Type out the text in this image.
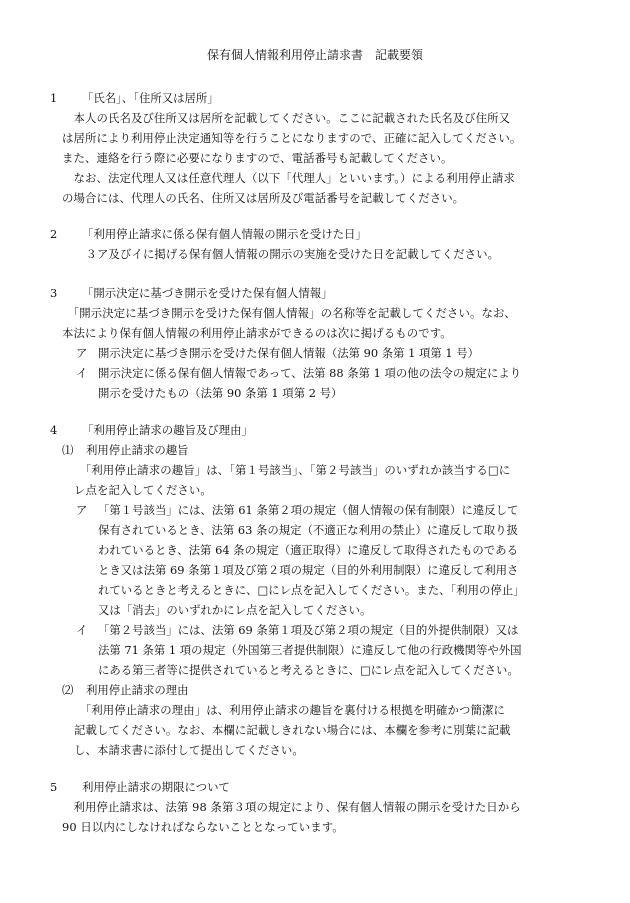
保有個人情報利用停止請求書　記載要領
1 「氏名」、「住所又は居所」
　本人の氏名及び住所又は居所を記載してください。ここに記載された氏名及び住所又
は居所により利用停止決定通知等を行うことになりますので、正確に記入してください。
また、連絡を行う際に必要になりますので、電話番号も記載してください。
　なお、法定代理人又は任意代理人（以下「代理人」といいます。）による利用停止請求
の場合には、代理人の氏名、住所又は居所及び電話番号を記載してください。
2 「利用停止請求に係る保有個人情報の開示を受けた日」
　３ア及びイに掲げる保有個人情報の開示の実施を受けた日を記載してください。
3 「開示決定に基づき開示を受けた保有個人情報」
　「開示決定に基づき開示を受けた保有個人情報」の名称等を記載してください。なお、
本法により保有個人情報の利用停止請求ができるのは次に掲げるものです。
ア 開示決定に基づき開示を受けた保有個人情報（法第 90 条第 1 項第 1 号）
イ 開示決定に係る保有個人情報であって、法第 88 条第 1 項の他の法令の規定により
開示を受けたもの（法第 90 条第 1 項第 2 号）
4 「利用停止請求の趣旨及び理由」
⑴ 利用停止請求の趣旨
　「利用停止請求の趣旨」は、「第１号該当」、「第２号該当」のいずれか該当する□に
レ点を記入してください。
ア 「第１号該当」には、法第 61 条第２項の規定（個人情報の保有制限）に違反して
保有されているとき、法第 63 条の規定（不適正な利用の禁止）に違反して取り扱
われているとき、法第 64 条の規定（適正取得）に違反して取得されたものである
とき又は法第 69 条第１項及び第２項の規定（目的外利用制限）に違反して利用さ
れているときと考えるときに、□にレ点を記入してください。また、「利用の停止」
又は「消去」のいずれかにレ点を記入してください。
イ 「第２号該当」には、法第 69 条第１項及び第２項の規定（目的外提供制限）又は
法第 71 条第 1 項の規定（外国第三者提供制限）に違反して他の行政機関等や外国
にある第三者等に提供されていると考えるときに、□にレ点を記入してください。
⑵ 利用停止請求の理由
　「利用停止請求の理由」は、利用停止請求の趣旨を裏付ける根拠を明確かつ簡潔に
記載してください。なお、本欄に記載しきれない場合には、本欄を参考に別葉に記載
し、本請求書に添付して提出してください。
5 利用停止請求の期限について
　利用停止請求は、法第 98 条第３項の規定により、保有個人情報の開示を受けた日から
90 日以内にしなければならないこととなっています。
